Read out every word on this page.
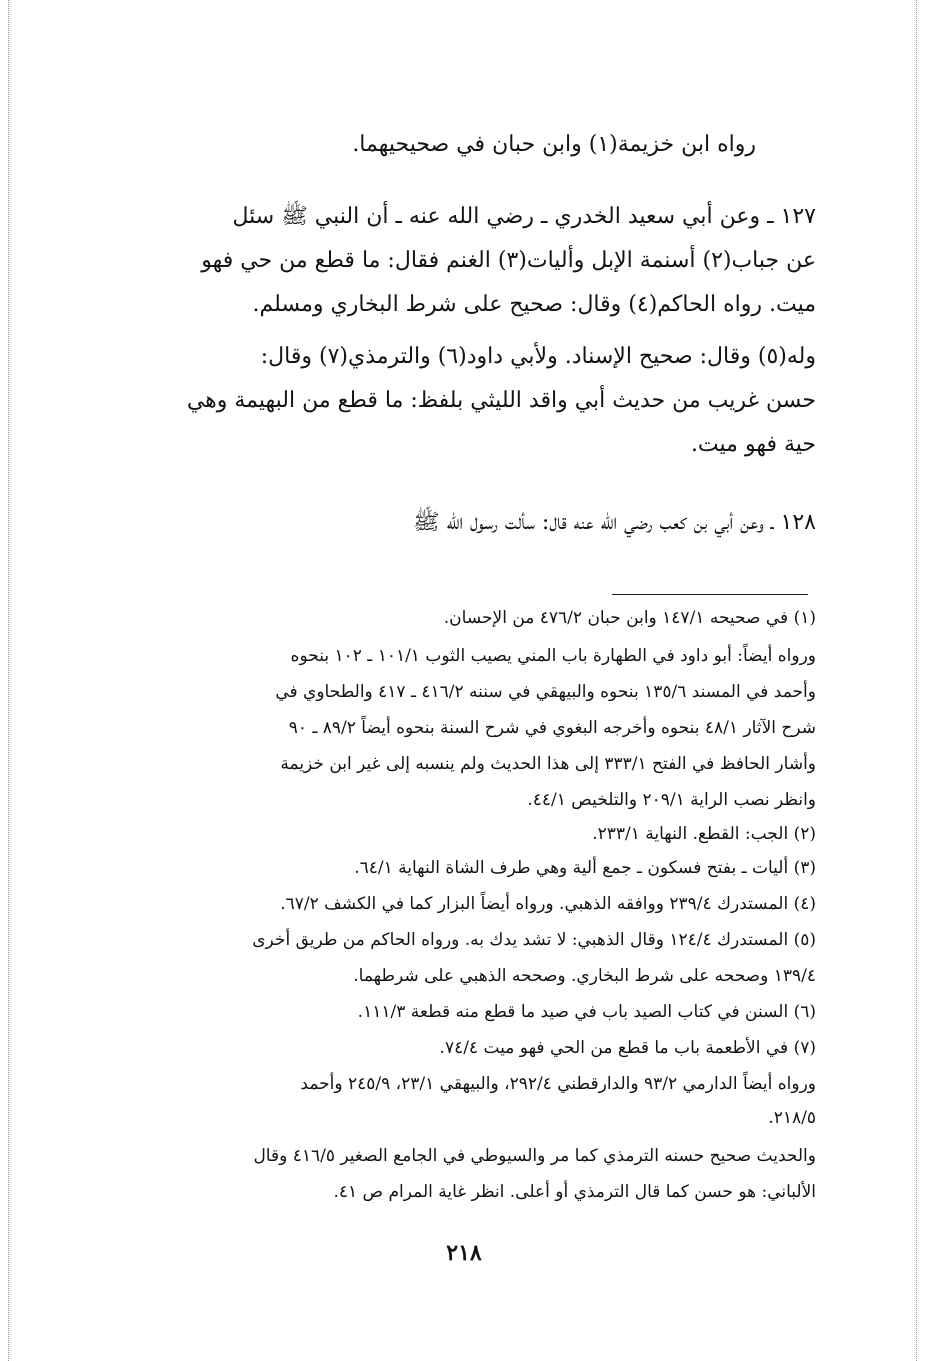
رواه ابن خزيمة(١) وابن حبان في صحيحيهما.
١٢٧ ـ وعن أبي سعيد الخدري ـ رضي الله عنه ـ أن النبي ﷺ سئل
عن جباب(٢) أسنمة الإبل وأليات(٣) الغنم فقال: ما قطع من حي فهو
ميت. رواه الحاكم(٤) وقال: صحيح على شرط البخاري ومسلم.
وله(٥) وقال: صحيح الإسناد. ولأبي داود(٦) والترمذي(٧) وقال:
حسن غريب من حديث أبي واقد الليثي بلفظ: ما قطع من البهيمة وهي
حية فهو ميت.
١٢٨ ـ وعن أبي بن كعب رضي الله عنه قال: سألت رسول الله ﷺ
(١) في صحيحه ١٤٧/١ وابن حبان ٤٧٦/٢ من الإحسان.
ورواه أيضاً: أبو داود في الطهارة باب المني يصيب الثوب ١٠١/١ ـ ١٠٢ بنحوه
وأحمد في المسند ١٣٥/٦ بنحوه والبيهقي في سننه ٤١٦/٢ ـ ٤١٧ والطحاوي في
شرح الآثار ٤٨/١ بنحوه وأخرجه البغوي في شرح السنة بنحوه أيضاً ٨٩/٢ ـ ٩٠
وأشار الحافظ في الفتح ٣٣٣/١ إلى هذا الحديث ولم ينسبه إلى غير ابن خزيمة
وانظر نصب الراية ٢٠٩/١ والتلخيص ٤٤/١.
(٢) الجب: القطع. النهاية ٢٣٣/١.
(٣) أليات ـ بفتح فسكون ـ جمع ألية وهي طرف الشاة النهاية ٦٤/١.
(٤) المستدرك ٢٣٩/٤ ووافقه الذهبي. ورواه أيضاً البزار كما في الكشف ٦٧/٢.
(٥) المستدرك ١٢٤/٤ وقال الذهبي: لا تشد يدك به. ورواه الحاكم من طريق أخرى
١٣٩/٤ وصححه على شرط البخاري. وصححه الذهبي على شرطهما.
(٦) السنن في كتاب الصيد باب في صيد ما قطع منه قطعة ١١١/٣.
(٧) في الأطعمة باب ما قطع من الحي فهو ميت ٧٤/٤.
ورواه أيضاً الدارمي ٩٣/٢ والدارقطني ٢٩٢/٤، والبيهقي ٢٣/١، ٢٤٥/٩ وأحمد
٢١٨/٥.
والحديث صحيح حسنه الترمذي كما مر والسيوطي في الجامع الصغير ٤١٦/٥ وقال
الألباني: هو حسن كما قال الترمذي أو أعلى. انظر غاية المرام ص ٤١.
٢١٨
